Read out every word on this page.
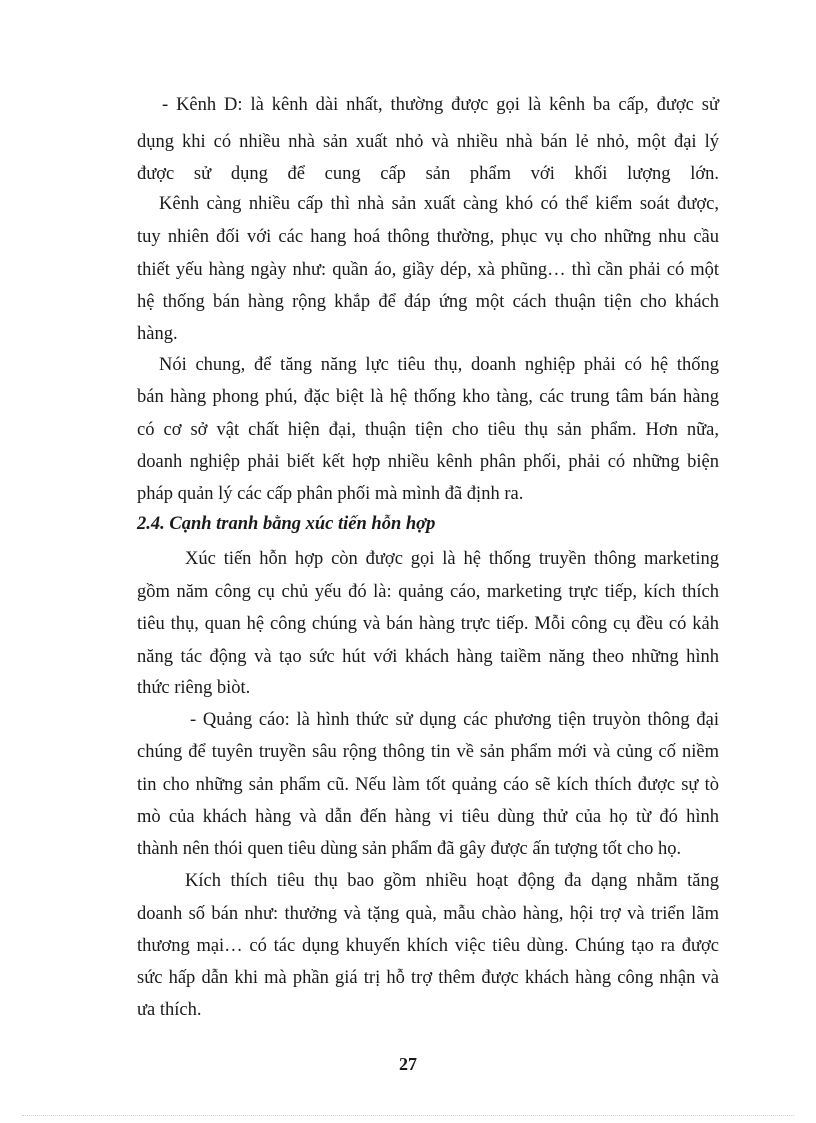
- Kênh D: là kênh dài nhất, thường được gọi là kênh ba cấp, được sử
dụng khi có nhiều nhà sản xuất nhỏ và nhiều nhà bán lẻ nhỏ, một đại lý
được sử dụng để cung cấp sản phẩm với khối lượng lớn.
Kênh càng nhiều cấp thì nhà sản xuất càng khó có thể kiểm soát được,
tuy nhiên đối với các hang hoá thông thường, phục vụ cho những nhu cầu
thiết yếu hàng ngày như: quần áo, giầy dép, xà phũng… thì cần phải có một
hệ thống bán hàng rộng khắp để đáp ứng một cách thuận tiện cho khách
hàng.
Nói chung, để tăng năng lực tiêu thụ, doanh nghiệp phải có hệ thống
bán hàng phong phú, đặc biệt là hệ thống kho tàng, các trung tâm bán hàng
có cơ sở vật chất hiện đại, thuận tiện cho tiêu thụ sản phẩm. Hơn nữa,
doanh nghiệp phải biết kết hợp nhiều kênh phân phối, phải có những biện
pháp quản lý các cấp phân phối mà mình đã định ra.
2.4. Cạnh tranh bằng xúc tiến hỗn hợp
Xúc tiến hỗn hợp còn được gọi là hệ thống truyền thông marketing
gồm năm công cụ chủ yếu đó là: quảng cáo, marketing trực tiếp, kích thích
tiêu thụ, quan hệ công chúng và bán hàng trực tiếp. Mỗi công cụ đều có kảh
năng tác động và tạo sức hút với khách hàng taiềm năng theo những hình
thức riêng biòt.
- Quảng cáo: là hình thức sử dụng các phương tiện truyòn thông đại
chúng để tuyên truyền sâu rộng thông tin về sản phẩm mới và củng cố niềm
tin cho những sản phẩm cũ. Nếu làm tốt quảng cáo sẽ kích thích được sự tò
mò của khách hàng và dẫn đến hàng vi tiêu dùng thử của họ từ đó hình
thành nên thói quen tiêu dùng sản phẩm đã gây được ấn tượng tốt cho họ.
Kích thích tiêu thụ bao gồm nhiều hoạt động đa dạng nhằm tăng
doanh số bán như: thưởng và tặng quà, mẫu chào hàng, hội trợ và triển lãm
thương mại… có tác dụng khuyến khích việc tiêu dùng. Chúng tạo ra được
sức hấp dẫn khi mà phần giá trị hỗ trợ thêm được khách hàng công nhận và
ưa thích.
27
